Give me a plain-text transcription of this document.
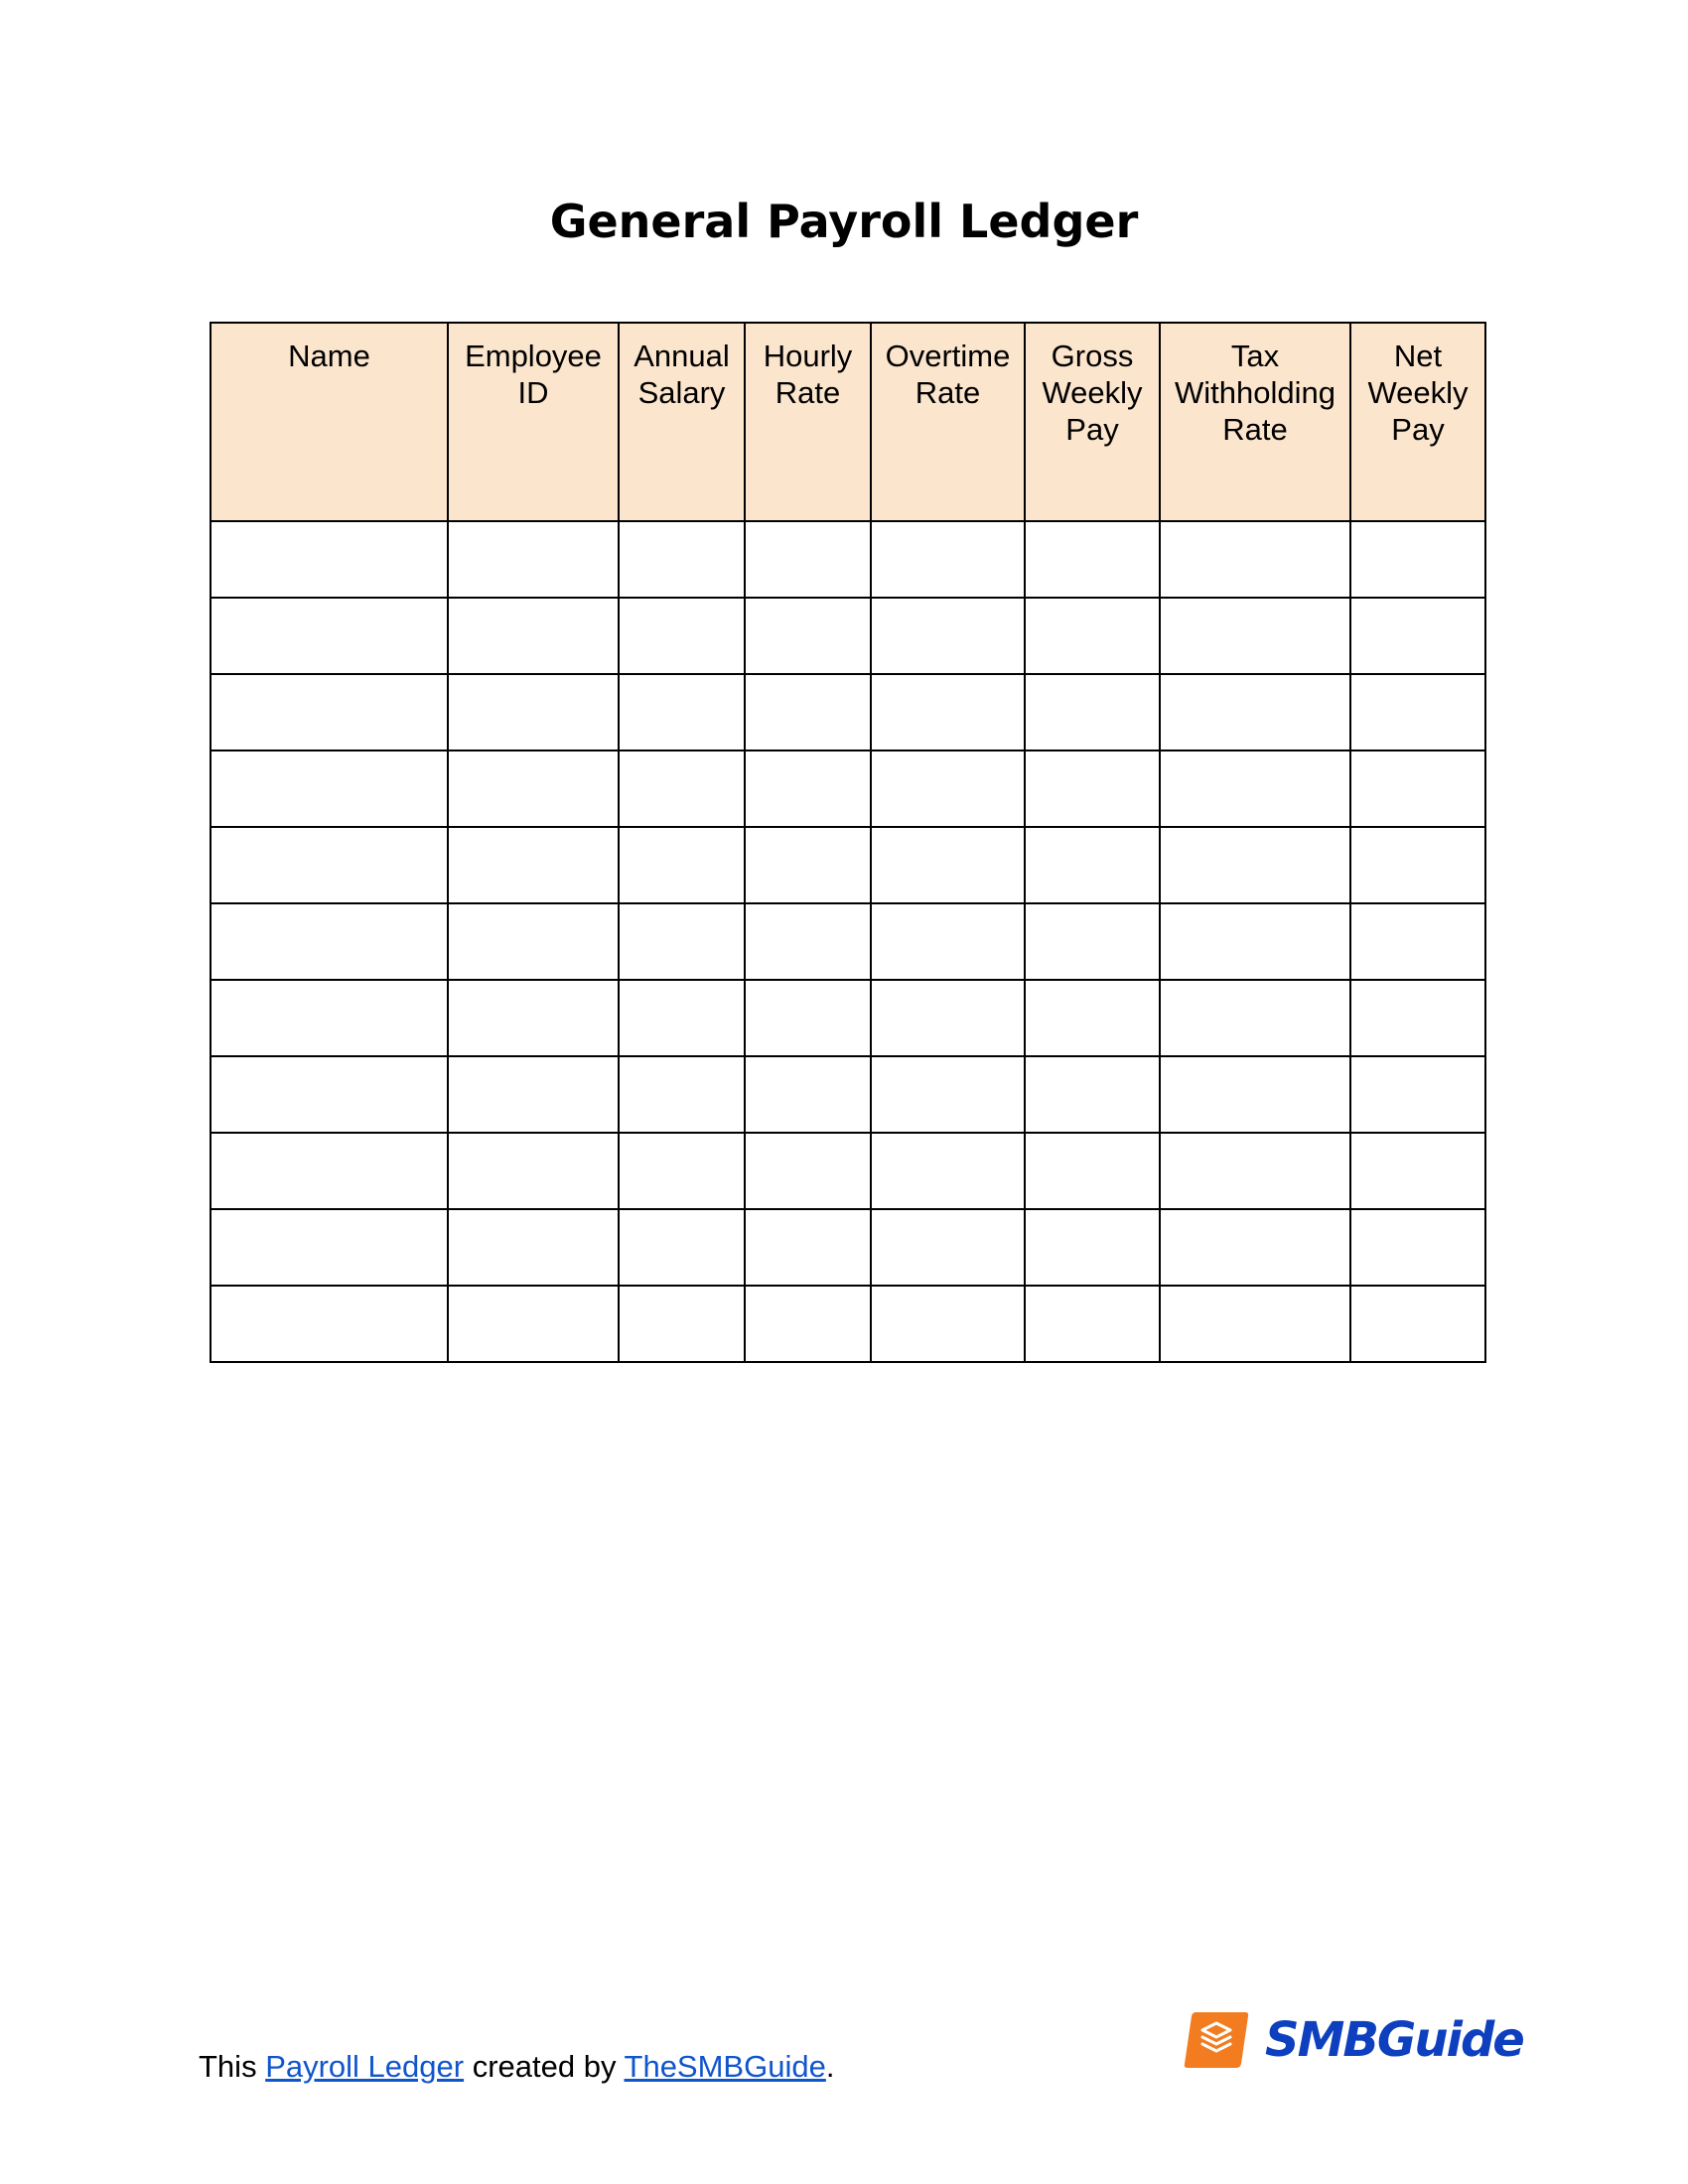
General Payroll Ledger
Name	Employee ID	Annual Salary	Hourly Rate	Overtime Rate	Gross Weekly Pay	Tax Withholding Rate	Net Weekly Pay

This Payroll Ledger created by TheSMBGuide.	SMBGuide
